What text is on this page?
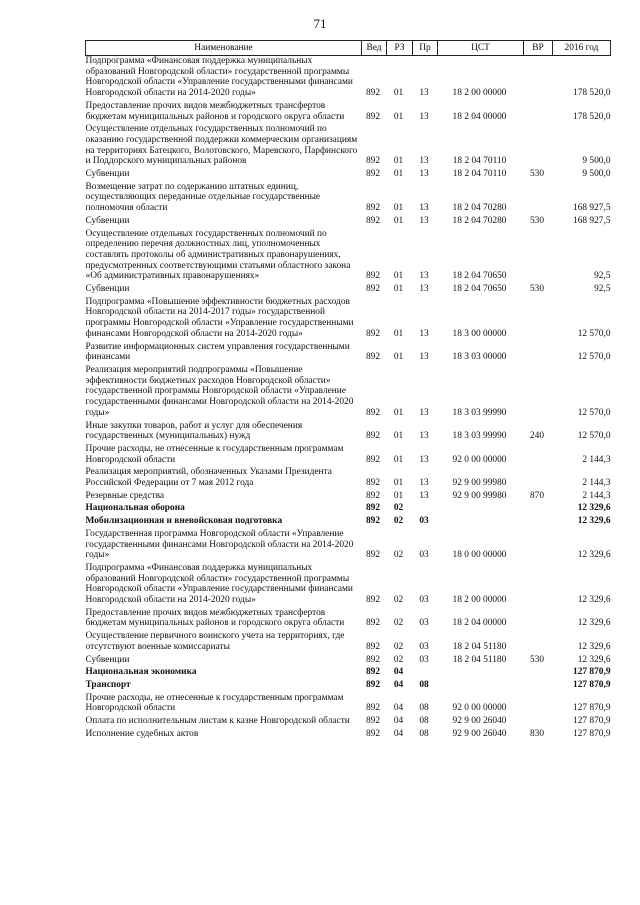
71
Наименование	Вед	РЗ	Пр	ЦСТ	ВР	2016 год
Подпрограмма «Финансовая поддержка муниципальных образований Новгородской области» государственной программы Новгородской области «Управление государственными финансами Новгородской области на 2014-2020 годы»	892	01	13	18 2 00 00000		178 520,0
Предоставление прочих видов межбюджетных трансфертов бюджетам муниципальных районов и городского округа области	892	01	13	18 2 04 00000		178 520,0
Осуществление отдельных государственных полномочий по оказанию государственной поддержки коммерческим организациям на территориях Батецкого, Волотовского, Маревского, Парфинского и Поддорского муниципальных районов	892	01	13	18 2 04 70110		9 500,0
Субвенции	892	01	13	18 2 04 70110	530	9 500,0
Возмещение затрат по содержанию штатных единиц, осуществляющих переданные отдельные государственные полномочия области	892	01	13	18 2 04 70280		168 927,5
Субвенции	892	01	13	18 2 04 70280	530	168 927,5
Осуществление отдельных государственных полномочий по определению перечня должностных лиц, уполномоченных составлять протоколы об административных правонарушениях, предусмотренных соответствующими статьями областного закона «Об административных правонарушениях»	892	01	13	18 2 04 70650		92,5
Субвенции	892	01	13	18 2 04 70650	530	92,5
Подпрограмма «Повышение эффективности бюджетных расходов Новгородской области на 2014-2017 годы» государственной программы Новгородской области «Управление государственными финансами Новгородской области на 2014-2020 годы»	892	01	13	18 3 00 00000		12 570,0
Развитие информационных систем управления государственными финансами	892	01	13	18 3 03 00000		12 570,0
Реализация мероприятий подпрограммы «Повышение эффективности бюджетных расходов Новгородской области» государственной программы Новгородской области «Управление государственными финансами Новгородской области на 2014-2020 годы»	892	01	13	18 3 03 99990		12 570,0
Иные закупки товаров, работ и услуг для обеспечения государственных (муниципальных) нужд	892	01	13	18 3 03 99990	240	12 570,0
Прочие расходы, не отнесенные к государственным программам Новгородской области	892	01	13	92 0 00 00000		2 144,3
Реализация мероприятий, обозначенных Указами Президента Российской Федерации от 7 мая 2012 года	892	01	13	92 9 00 99980		2 144,3
Резервные средства	892	01	13	92 9 00 99980	870	2 144,3
Национальная оборона	892	02				12 329,6
Мобилизационная и вневойсковая подготовка	892	02	03			12 329,6
Государственная программа Новгородской области «Управление государственными финансами Новгородской области на 2014-2020 годы»	892	02	03	18 0 00 00000		12 329,6
Подпрограмма «Финансовая поддержка муниципальных образований Новгородской области» государственной программы Новгородской области «Управление государственными финансами Новгородской области на 2014-2020 годы»	892	02	03	18 2 00 00000		12 329,6
Предоставление прочих видов межбюджетных трансфертов бюджетам муниципальных районов и городского округа области	892	02	03	18 2 04 00000		12 329,6
Осуществление первичного воинского учета на территориях, где отсутствуют военные комиссариаты	892	02	03	18 2 04 51180		12 329,6
Субвенции	892	02	03	18 2 04 51180	530	12 329,6
Национальная экономика	892	04				127 870,9
Транспорт	892	04	08			127 870,9
Прочие расходы, не отнесенные к государственным программам Новгородской области	892	04	08	92 0 00 00000		127 870,9
Оплата по исполнительным листам к казне Новгородской области	892	04	08	92 9 00 26040		127 870,9
Исполнение судебных актов	892	04	08	92 9 00 26040	830	127 870,9
